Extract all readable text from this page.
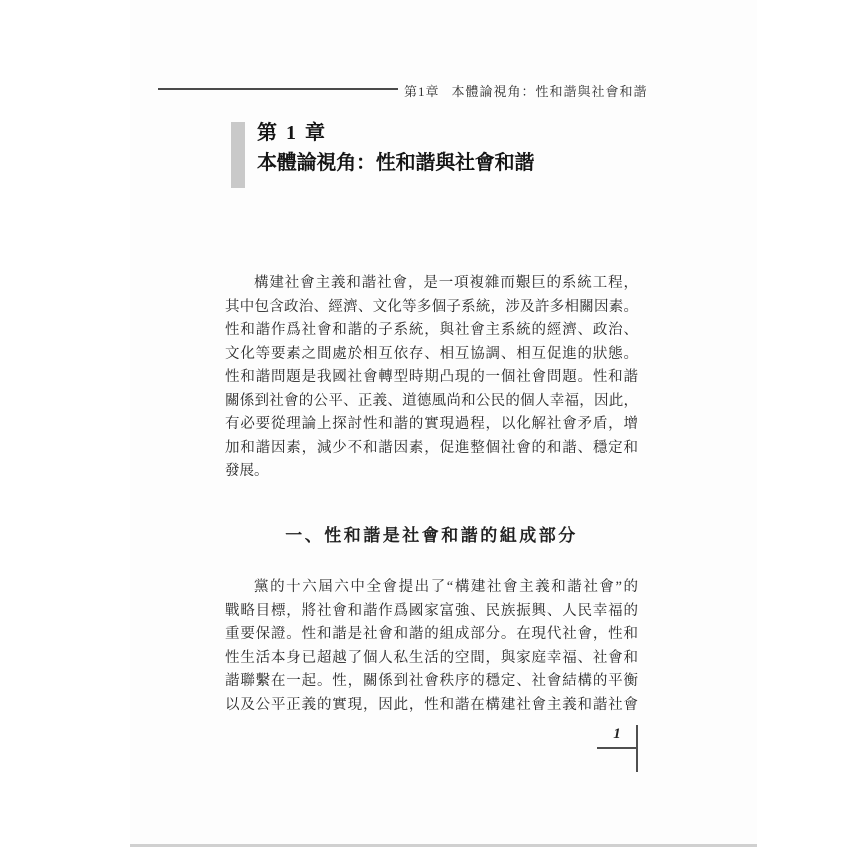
第1章 本體論視角：性和諧與社會和諧
第 1 章
本體論視角：性和諧與社會和諧
構建社會主義和諧社會，是一項複雜而艱巨的系統工程，
其中包含政治、經濟、文化等多個子系統，涉及許多相關因素。
性和諧作爲社會和諧的子系統，與社會主系統的經濟、政治、
文化等要素之間處於相互依存、相互協調、相互促進的狀態。
性和諧問題是我國社會轉型時期凸現的一個社會問題。性和諧
關係到社會的公平、正義、道德風尚和公民的個人幸福，因此，
有必要從理論上探討性和諧的實現過程，以化解社會矛盾，增
加和諧因素，減少不和諧因素，促進整個社會的和諧、穩定和
發展。
一、性和諧是社會和諧的組成部分
黨的十六屆六中全會提出了“構建社會主義和諧社會”的
戰略目標，將社會和諧作爲國家富強、民族振興、人民幸福的
重要保證。性和諧是社會和諧的組成部分。在現代社會，性和
性生活本身已超越了個人私生活的空間，與家庭幸福、社會和
諧聯繫在一起。性，關係到社會秩序的穩定、社會結構的平衡
以及公平正義的實現，因此，性和諧在構建社會主義和諧社會
1
